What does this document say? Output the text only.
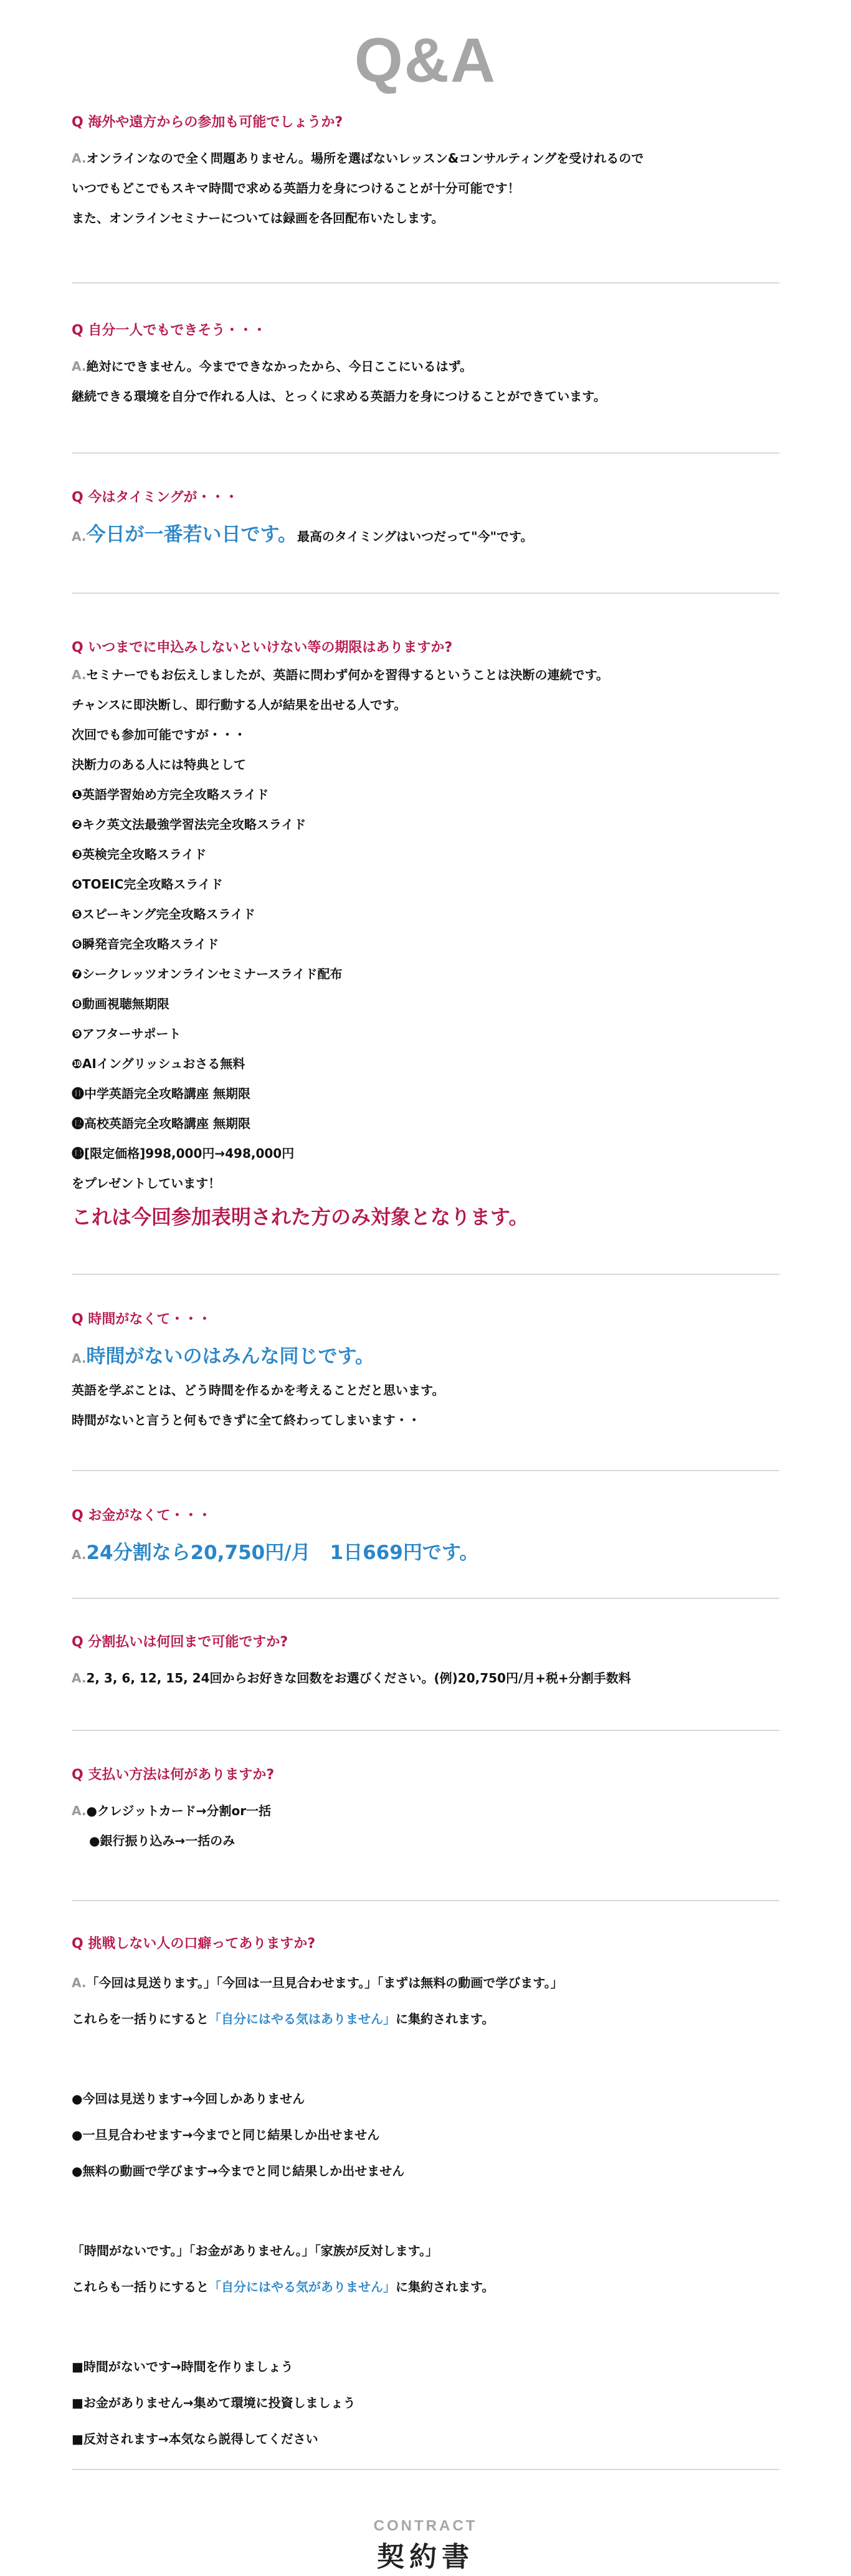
Q&A
Q 海外や遠方からの参加も可能でしょうか?
A.オンラインなので全く問題ありません。場所を選ばないレッスン&コンサルティングを受けれるので
いつでもどこでもスキマ時間で求める英語力を身につけることが十分可能です！
また、オンラインセミナーについては録画を各回配布いたします。
Q 自分一人でもできそう・・・
A.絶対にできません。今までできなかったから、今日ここにいるはず。
継続できる環境を自分で作れる人は、とっくに求める英語力を身につけることができています。
Q 今はタイミングが・・・
A.今日が一番若い日です。最高のタイミングはいつだって"今"です。
Q いつまでに申込みしないといけない等の期限はありますか?
A.セミナーでもお伝えしましたが、英語に問わず何かを習得するということは決断の連続です。
チャンスに即決断し、即行動する人が結果を出せる人です。
次回でも参加可能ですが・・・
決断力のある人には特典として
❶英語学習始め方完全攻略スライド
❷キク英文法最強学習法完全攻略スライド
❸英検完全攻略スライド
❹TOEIC完全攻略スライド
❺スピーキング完全攻略スライド
❻瞬発音完全攻略スライド
❼シークレッツオンラインセミナースライド配布
❽動画視聴無期限
❾アフターサポート
❿AIイングリッシュおさる無料
⓫中学英語完全攻略講座 無期限
⓬高校英語完全攻略講座 無期限
⓭[限定価格]998,000円→498,000円
をプレゼントしています！
これは今回参加表明された方のみ対象となります。
Q 時間がなくて・・・
A.時間がないのはみんな同じです。
英語を学ぶことは、どう時間を作るかを考えることだと思います。
時間がないと言うと何もできずに全て終わってしまいます・・
Q お金がなくて・・・
A.24分割なら20,750円/月　1日669円です。
Q 分割払いは何回まで可能ですか?
A.2, 3, 6, 12, 15, 24回からお好きな回数をお選びください。(例)20,750円/月+税+分割手数料
Q 支払い方法は何がありますか?
A.●クレジットカード→分割or一括
●銀行振り込み→一括のみ
Q 挑戦しない人の口癖ってありますか?
A.「今回は見送ります。」「今回は一旦見合わせます。」「まずは無料の動画で学びます。」
これらを一括りにすると「自分にはやる気はありません」に集約されます。
●今回は見送ります→今回しかありません
●一旦見合わせます→今までと同じ結果しか出せません
●無料の動画で学びます→今までと同じ結果しか出せません
「時間がないです。」「お金がありません。」「家族が反対します。」
これらも一括りにすると「自分にはやる気がありません」に集約されます。
■時間がないです→時間を作りましょう
■お金がありません→集めて環境に投資しましょう
■反対されます→本気なら説得してください
CONTRACT
契約書
